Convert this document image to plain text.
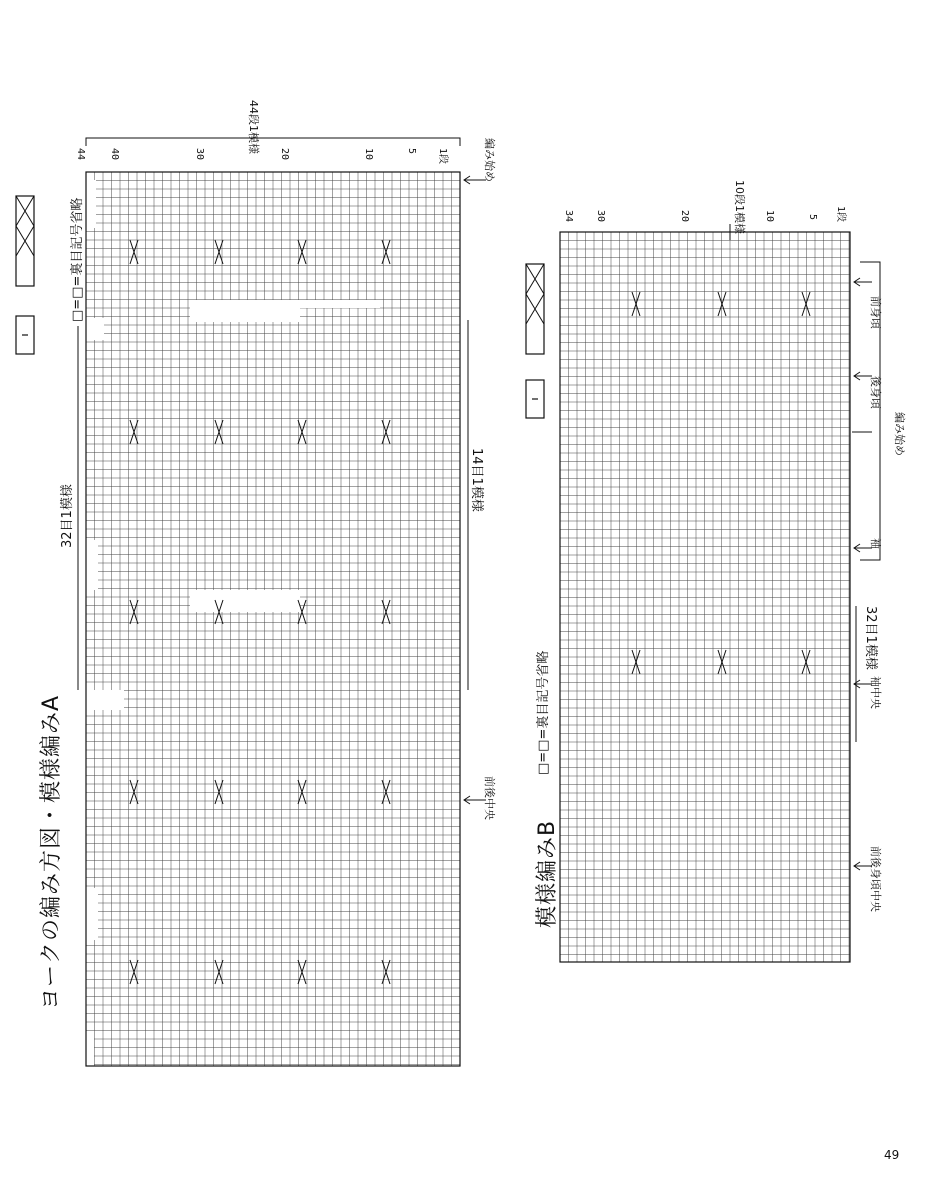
ヨークの編み方図・模様編みA
□=□=裏目記号省略
44段1模様
44 40	30	20	10	5 1段	編み始め
32目1模様
14目1模様
前後中央
模様編みB
□=□=裏目記号省略
10段1模様
34 30	20	10	5 1段
前身頃
後身頃
編み始め
袖
32目1模様
袖中央
前後身頃中央
49
